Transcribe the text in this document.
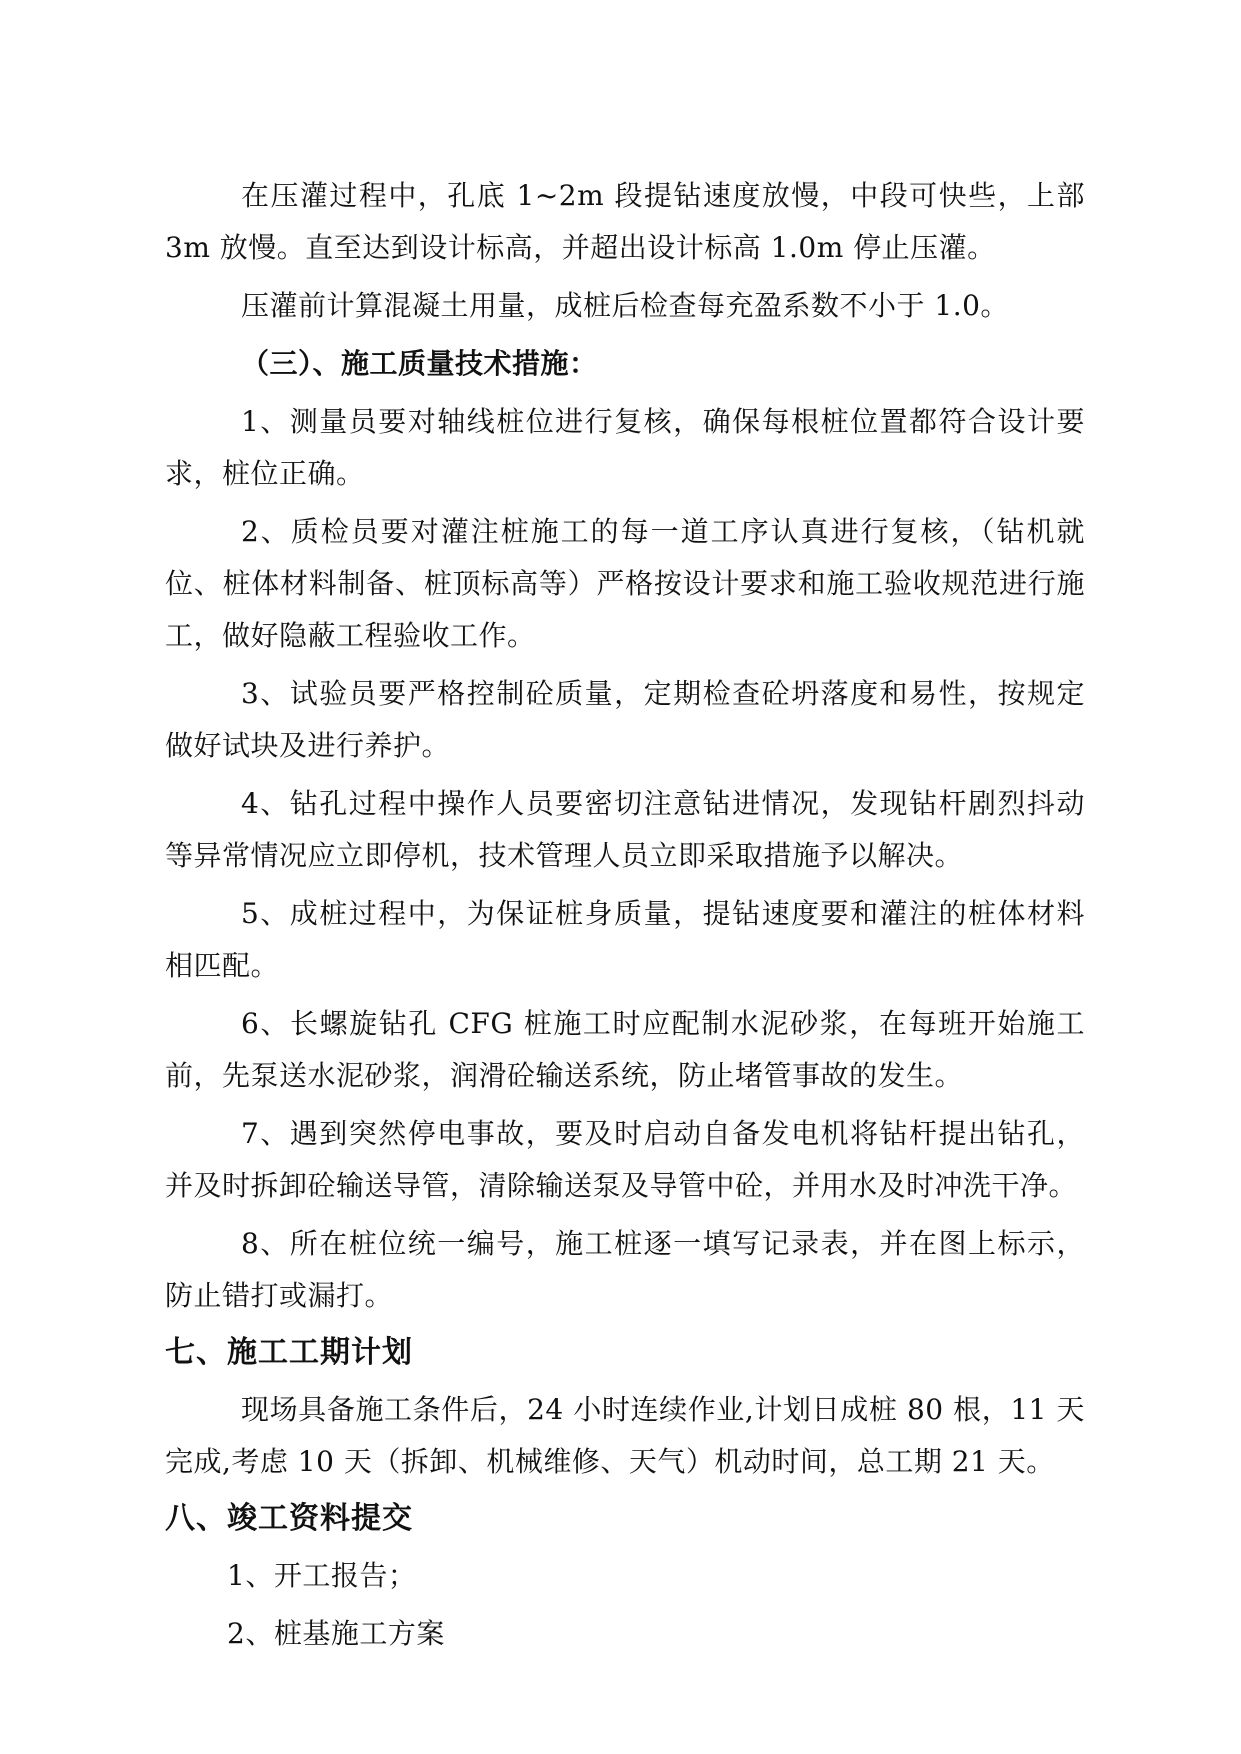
在压灌过程中，孔底 1~2m 段提钻速度放慢，中段可快些，上部 3m 放慢。直至达到设计标高，并超出设计标高 1.0m 停止压灌。

压灌前计算混凝土用量，成桩后检查每充盈系数不小于 1.0。

（三）、施工质量技术措施：

1、测量员要对轴线桩位进行复核，确保每根桩位置都符合设计要求，桩位正确。

2、质检员要对灌注桩施工的每一道工序认真进行复核，（钻机就位、桩体材料制备、桩顶标高等）严格按设计要求和施工验收规范进行施工，做好隐蔽工程验收工作。

3、试验员要严格控制砼质量，定期检查砼坍落度和易性，按规定做好试块及进行养护。

4、钻孔过程中操作人员要密切注意钻进情况，发现钻杆剧烈抖动等异常情况应立即停机，技术管理人员立即采取措施予以解决。

5、成桩过程中，为保证桩身质量，提钻速度要和灌注的桩体材料相匹配。

6、长螺旋钻孔 CFG 桩施工时应配制水泥砂浆，在每班开始施工前，先泵送水泥砂浆，润滑砼输送系统，防止堵管事故的发生。

7、遇到突然停电事故，要及时启动自备发电机将钻杆提出钻孔，并及时拆卸砼输送导管，清除输送泵及导管中砼，并用水及时冲洗干净。

8、所在桩位统一编号，施工桩逐一填写记录表，并在图上标示，防止错打或漏打。

七、施工工期计划

现场具备施工条件后，24 小时连续作业,计划日成桩 80 根，11 天完成,考虑 10 天（拆卸、机械维修、天气）机动时间，总工期 21 天。

八、竣工资料提交
1、开工报告；
2、桩基施工方案
